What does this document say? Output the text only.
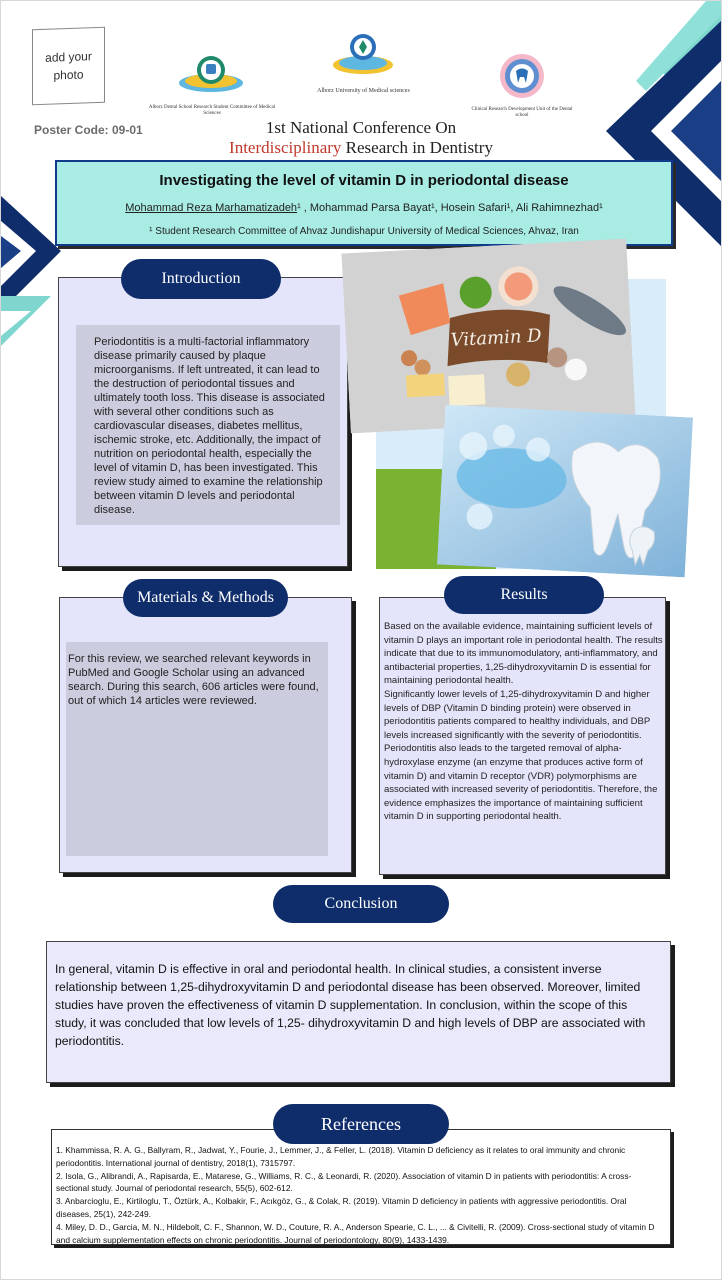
add your photo
Alborz Dental School Research Student Committee of Medical Sciences
Alborz University of Medical sciences
Clinical Research Development Unit of the Dental school
Poster Code: 09-01	1st National Conference On
Interdisciplinary Research in Dentistry
Investigating the level of vitamin D in periodontal disease
Mohammad Reza Marhamatizadeh¹ , Mohammad Parsa Bayat¹, Hosein Safari¹, Ali Rahimnezhad¹
¹ Student Research Committee of Ahvaz Jundishapur University of Medical Sciences, Ahvaz, Iran
Periodontitis is a multi-factorial inflammatory disease primarily caused by plaque microorganisms. If left untreated, it can lead to the destruction of periodontal tissues and ultimately tooth loss. This disease is associated with several other conditions such as cardiovascular diseases, diabetes mellitus, ischemic stroke, etc. Additionally, the impact of nutrition on periodontal health, especially the level of vitamin D, has been investigated. This review study aimed to examine the relationship between vitamin D levels and periodontal disease.
Introduction
Vitamin D
For this review, we searched relevant keywords in PubMed and Google Scholar using an advanced search. During this search, 606 articles were found, out of which 14 articles were reviewed.
Materials & Methods
Based on the available evidence, maintaining sufficient levels of vitamin D plays an important role in periodontal health. The results indicate that due to its immunomodulatory, anti-inflammatory, and antibacterial properties, 1,25-dihydroxyvitamin D is essential for maintaining periodontal health.
Significantly lower levels of 1,25-dihydroxyvitamin D and higher levels of DBP (Vitamin D binding protein) were observed in periodontitis patients compared to healthy individuals, and DBP levels increased significantly with the severity of periodontitis. Periodontitis also leads to the targeted removal of alpha-hydroxylase enzyme (an enzyme that produces active form of vitamin D) and vitamin D receptor (VDR) polymorphisms are associated with increased severity of periodontitis. Therefore, the evidence emphasizes the importance of maintaining sufficient vitamin D in supporting periodontal health.
Results
In general, vitamin D is effective in oral and periodontal health. In clinical studies, a consistent inverse relationship between 1,25-dihydroxyvitamin D and periodontal disease has been observed. Moreover, limited studies have proven the effectiveness of vitamin D supplementation. In conclusion, within the scope of this study, it was concluded that low levels of 1,25- dihydroxyvitamin D and high levels of DBP are associated with periodontitis.
Conclusion

1. Khammissa, R. A. G., Ballyram, R., Jadwat, Y., Fourie, J., Lemmer, J., & Feller, L. (2018). Vitamin D deficiency as it relates to oral immunity and chronic periodontitis. International journal of dentistry, 2018(1), 7315797.

2. Isola, G., Alibrandi, A., Rapisarda, E., Matarese, G., Williams, R. C., & Leonardi, R. (2020). Association of vitamin D in patients with periodontitis: A cross-sectional study. Journal of periodontal research, 55(5), 602-612.

3. Anbarcioglu, E., Kirtiloglu, T., Öztürk, A., Kolbakir, F., Acıkgöz, G., & Colak, R. (2019). Vitamin D deficiency in patients with aggressive periodontitis. Oral diseases, 25(1), 242-249.

4. Miley, D. D., Garcia, M. N., Hildebolt, C. F., Shannon, W. D., Couture, R. A., Anderson Spearie, C. L., ... & Civitelli, R. (2009). Cross-sectional study of vitamin D and calcium supplementation effects on chronic periodontitis. Journal of periodontology, 80(9), 1433-1439.

References
